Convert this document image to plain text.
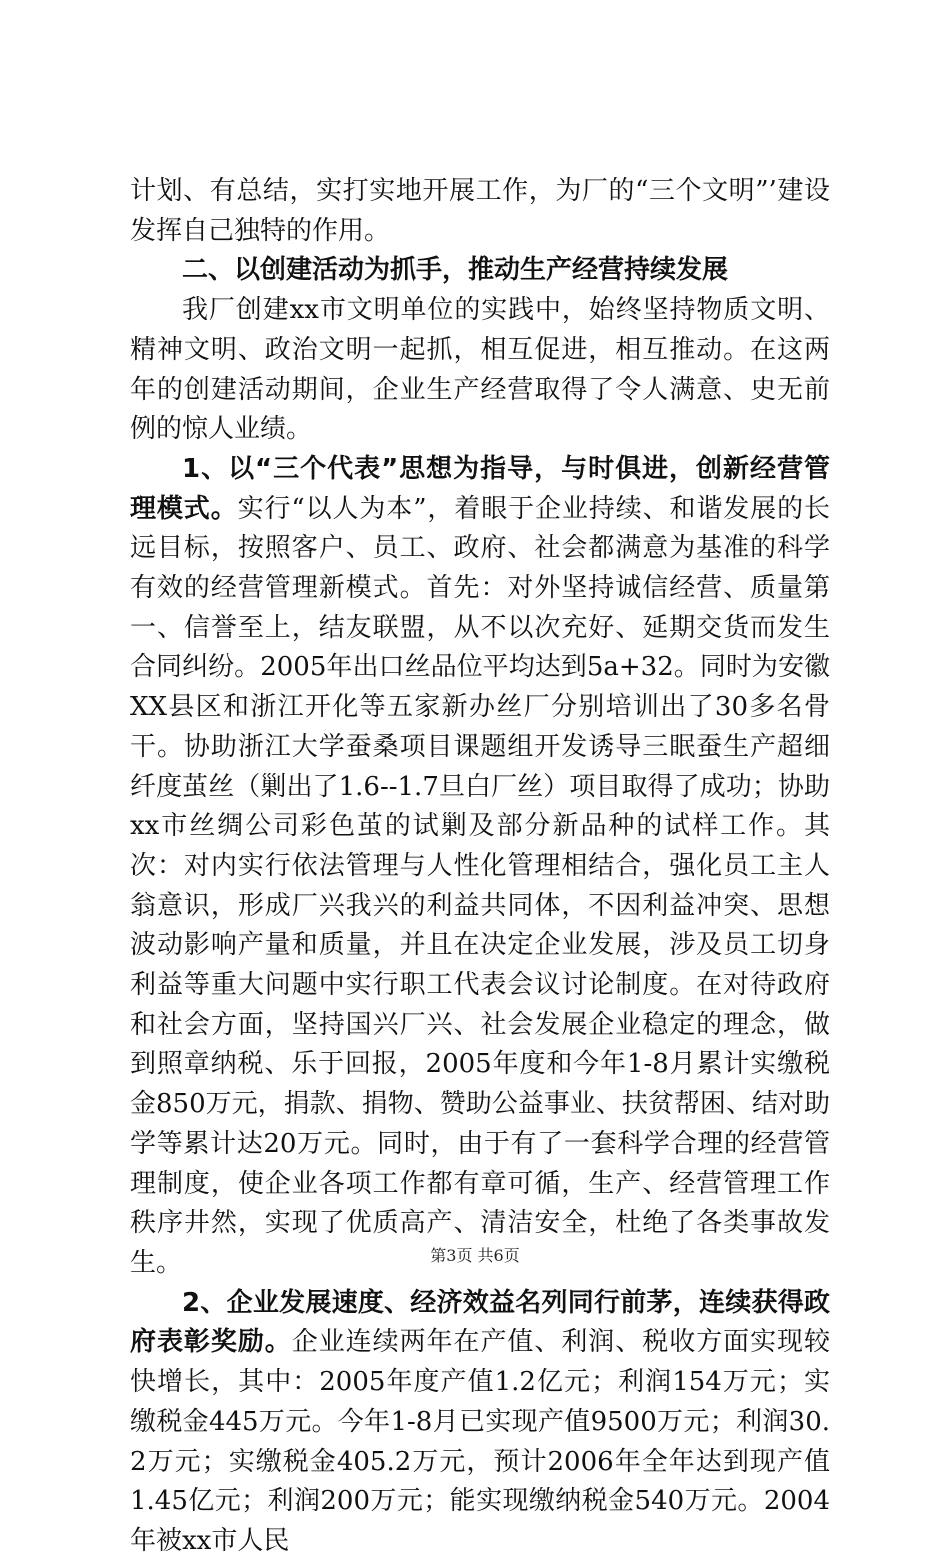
计划、有总结，实打实地开展工作，为厂的“三个文明”’建设发挥自己独特的作用。

二、以创建活动为抓手，推动生产经营持续发展

我厂创建xx市文明单位的实践中，始终坚持物质文明、精神文明、政治文明一起抓，相互促进，相互推动。在这两年的创建活动期间，企业生产经营取得了令人满意、史无前例的惊人业绩。

1、以“三个代表”思想为指导，与时俱进，创新经营管理模式。实行“以人为本”，着眼于企业持续、和谐发展的长远目标，按照客户、员工、政府、社会都满意为基准的科学有效的经营管理新模式。首先：对外坚持诚信经营、质量第一、信誉至上，结友联盟，从不以次充好、延期交货而发生合同纠纷。2005年出口丝品位平均达到5a+32。同时为安徽XX县区和浙江开化等五家新办丝厂分别培训出了30多名骨干。协助浙江大学蚕桑项目课题组开发诱导三眠蚕生产超细纤度茧丝（剿出了1.6--1.7旦白厂丝）项目取得了成功；协助xx市丝绸公司彩色茧的试剿及部分新品种的试样工作。其次：对内实行依法管理与人性化管理相结合，强化员工主人翁意识，形成厂兴我兴的利益共同体，不因利益冲突、思想波动影响产量和质量，并且在决定企业发展，涉及员工切身利益等重大问题中实行职工代表会议讨论制度。在对待政府和社会方面，坚持国兴厂兴、社会发展企业稳定的理念，做到照章纳税、乐于回报，2005年度和今年1-8月累计实缴税金850万元，捐款、捐物、赞助公益事业、扶贫帮困、结对助学等累计达20万元。同时，由于有了一套科学合理的经营管理制度，使企业各项工作都有章可循，生产、经营管理工作秩序井然，实现了优质高产、清洁安全，杜绝了各类事故发生。

2、企业发展速度、经济效益名列同行前茅，连续获得政府表彰奖励。企业连续两年在产值、利润、税收方面实现较快增长，其中：2005年度产值1.2亿元；利润154万元；实缴税金445万元。今年1-8月已实现产值9500万元；利润30.2万元；实缴税金405.2万元，预计2006年全年达到现产值1.45亿元；利润200万元；能实现缴纳税金540万元。2004年被xx市人民

第3页 共6页
